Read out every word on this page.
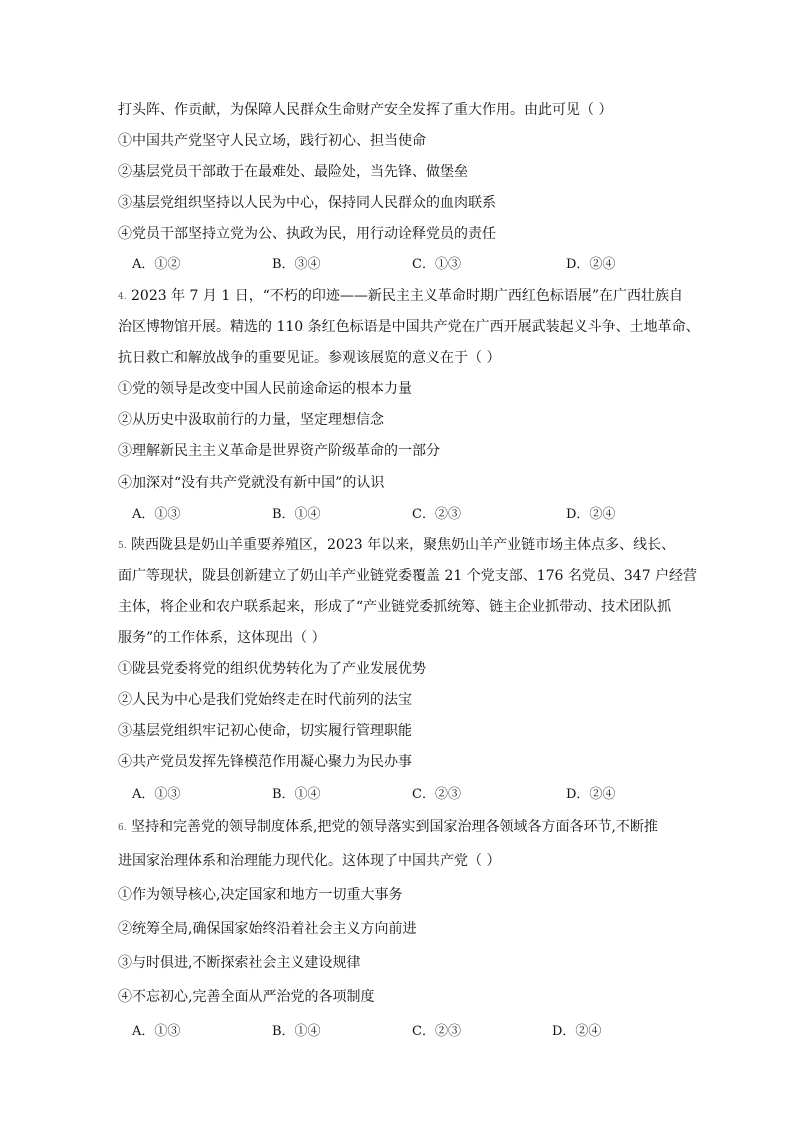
打头阵、作贡献，为保障人民群众生命财产安全发挥了重大作用。由此可见（ ）
①中国共产党坚守人民立场，践行初心、担当使命
②基层党员干部敢于在最难处、最险处，当先锋、做堡垒
③基层党组织坚持以人民为中心，保持同人民群众的血肉联系
④党员干部坚持立党为公、执政为民，用行动诠释党员的责任
A．①②	B．③④	C．①③	D．②④
4. 2023 年 7 月 1 日，“不朽的印迹——新民主主义革命时期广西红色标语展”在广西壮族自
治区博物馆开展。精选的 110 条红色标语是中国共产党在广西开展武装起义斗争、土地革命、
抗日救亡和解放战争的重要见证。参观该展览的意义在于（ ）
①党的领导是改变中国人民前途命运的根本力量
②从历史中汲取前行的力量，坚定理想信念
③理解新民主主义革命是世界资产阶级革命的一部分
④加深对“没有共产党就没有新中国”的认识
A．①③	B．①④	C．②③	D．②④
5. 陕西陇县是奶山羊重要养殖区，2023 年以来，聚焦奶山羊产业链市场主体点多、线长、
面广等现状，陇县创新建立了奶山羊产业链党委覆盖 21 个党支部、176 名党员、347 户经营
主体，将企业和农户联系起来，形成了“产业链党委抓统筹、链主企业抓带动、技术团队抓
服务”的工作体系，这体现出（ ）
①陇县党委将党的组织优势转化为了产业发展优势
②人民为中心是我们党始终走在时代前列的法宝
③基层党组织牢记初心使命，切实履行管理职能
④共产党员发挥先锋模范作用凝心聚力为民办事
A．①③	B．①④	C．②③	D．②④
6. 坚持和完善党的领导制度体系,把党的领导落实到国家治理各领域各方面各环节,不断推
进国家治理体系和治理能力现代化。这体现了中国共产党（ ）
①作为领导核心,决定国家和地方一切重大事务
②统筹全局,确保国家始终沿着社会主义方向前进
③与时俱进,不断探索社会主义建设规律
④不忘初心,完善全面从严治党的各项制度
A．①③	B．①④	C．②③	D．②④
